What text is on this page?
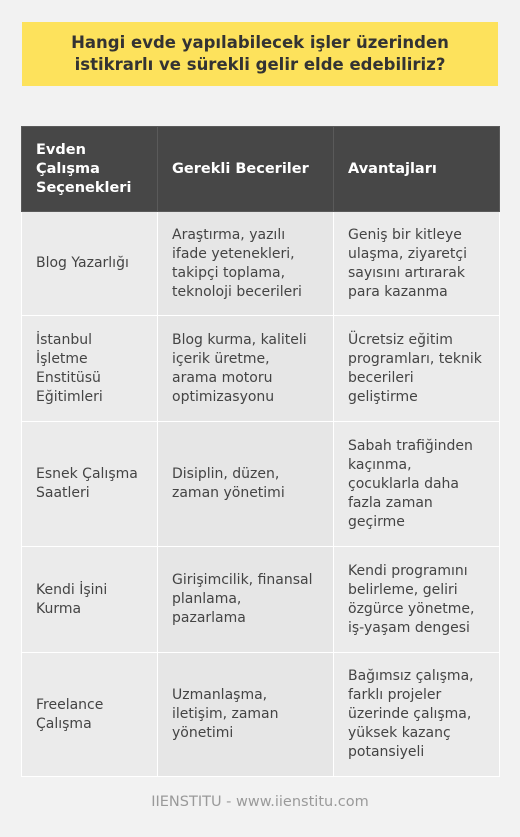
Hangi evde yapılabilecek işler üzerinden istikrarlı ve sürekli gelir elde edebiliriz?
Evden Çalışma Seçenekleri	Gerekli Beceriler	Avantajları
Blog Yazarlığı	Araştırma, yazılı ifade yetenekleri, takipçi toplama, teknoloji becerileri	Geniş bir kitleye ulaşma, ziyaretçi sayısını artırarak para kazanma
İstanbul İşletme Enstitüsü Eğitimleri	Blog kurma, kaliteli içerik üretme, arama motoru optimizasyonu	Ücretsiz eğitim programları, teknik becerileri geliştirme
Esnek Çalışma Saatleri	Disiplin, düzen, zaman yönetimi	Sabah trafiğinden kaçınma, çocuklarla daha fazla zaman geçirme
Kendi İşini Kurma	Girişimcilik, finansal planlama, pazarlama	Kendi programını belirleme, geliri özgürce yönetme, iş-yaşam dengesi
Freelance Çalışma	Uzmanlaşma, iletişim, zaman yönetimi	Bağımsız çalışma, farklı projeler üzerinde çalışma, yüksek kazanç potansiyeli
IIENSTITU - www.iienstitu.com
